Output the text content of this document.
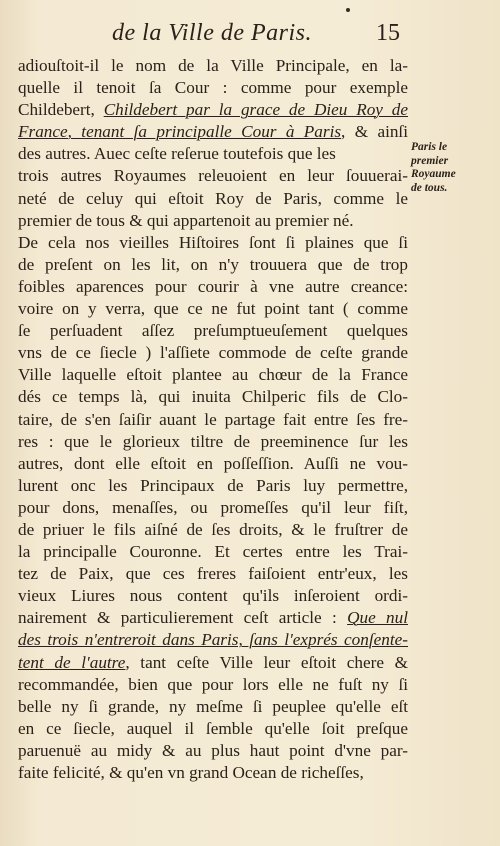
de la Ville de Paris.	15
adiouſtoit-il le nom de la Ville Principale, en la-
quelle il tenoit ſa Cour : comme pour exemple
Childebert, Childebert par la grace de Dieu Roy de
France, tenant ſa principalle Cour à Paris, & ainſi
des autres. Auec ceſte reſerue toutefois que les
trois autres Royaumes releuoient en leur ſouuerai-
neté de celuy qui eſtoit Roy de Paris, comme le
premier de tous & qui appartenoit au premier né.
De cela nos vieilles Hiſtoires ſont ſi plaines que ſi
de preſent on les lit, on n'y trouuera que de trop
foibles aparences pour courir à vne autre creance:
voire on y verra, que ce ne fut point tant ( comme
ſe perſuadent aſſez preſumptueuſement quelques
vns de ce ſiecle ) l'aſſiete commode de ceſte grande
Ville laquelle eſtoit plantee au chœur de la France
dés ce temps là, qui inuita Chilperic fils de Clo-
taire, de s'en ſaiſir auant le partage fait entre ſes fre-
res : que le glorieux tiltre de preeminence ſur les
autres, dont elle eſtoit en poſſeſſion. Auſſi ne vou-
lurent onc les Principaux de Paris luy permettre,
pour dons, menaſſes, ou promeſſes qu'il leur fiſt,
de priuer le fils aiſné de ſes droits, & le fruſtrer de
la principalle Couronne. Et certes entre les Trai-
tez de Paix, que ces freres faiſoient entr'eux, les
vieux Liures nous content qu'ils inſeroient ordi-
nairement & particulierement ceſt article : Que nul
des trois n'entreroit dans Paris, ſans l'exprés conſente-
tent de l'autre, tant ceſte Ville leur eſtoit chere &
recommandée, bien que pour lors elle ne fuſt ny ſi
belle ny ſi grande, ny meſme ſi peuplee qu'elle eſt
en ce ſiecle, auquel il ſemble qu'elle ſoit preſque
paruenuë au midy & au plus haut point d'vne par-
faite felicité, & qu'en vn grand Ocean de richeſſes,
Paris le
premier
Royaume
de tous.
